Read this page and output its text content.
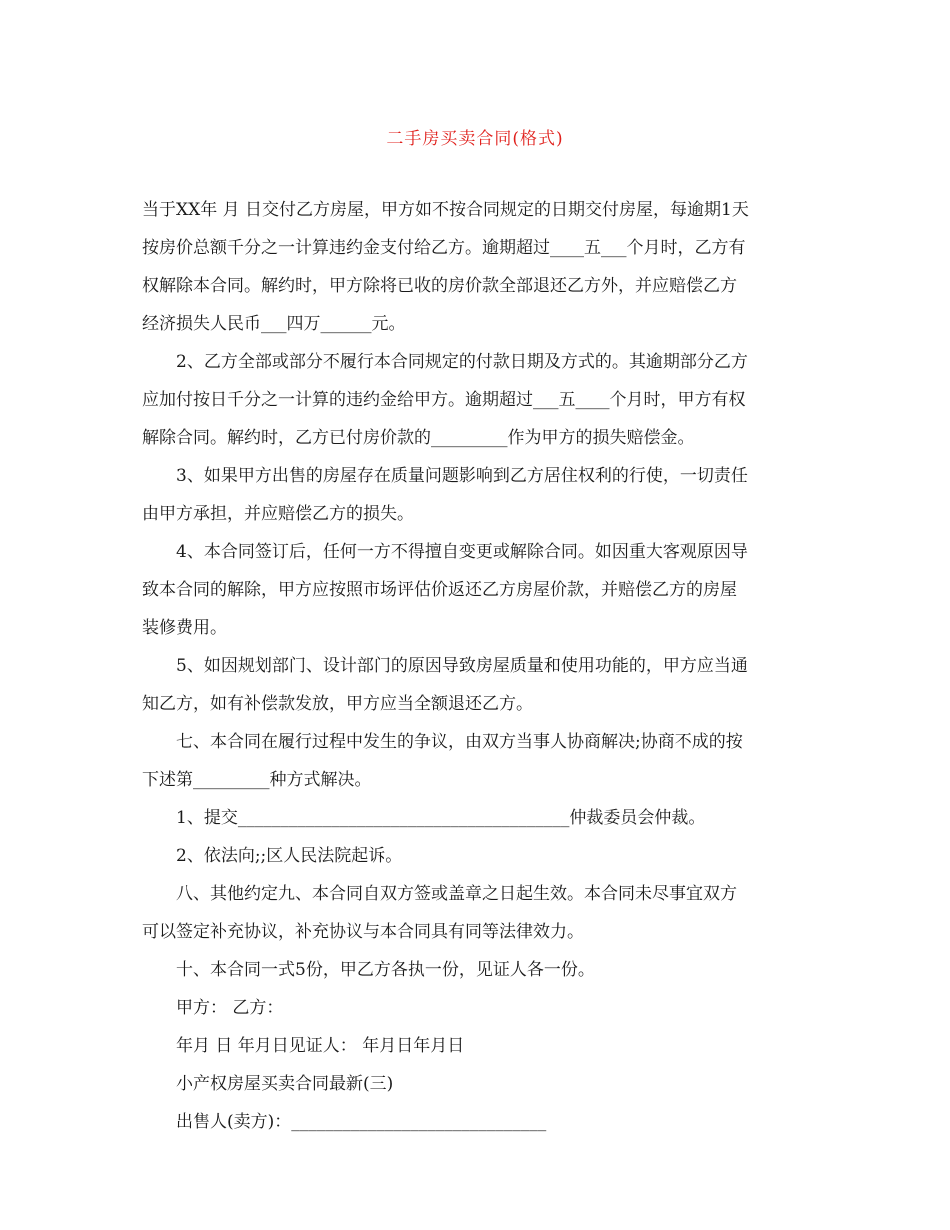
二手房买卖合同(格式)
当于XX年 月 日交付乙方房屋，甲方如不按合同规定的日期交付房屋，每逾期1天
按房价总额千分之一计算违约金支付给乙方。逾期超过____五___个月时，乙方有
权解除本合同。解约时，甲方除将已收的房价款全部退还乙方外，并应赔偿乙方
经济损失人民币___四万______元。
2、乙方全部或部分不履行本合同规定的付款日期及方式的。其逾期部分乙方
应加付按日千分之一计算的违约金给甲方。逾期超过___五____个月时，甲方有权
解除合同。解约时，乙方已付房价款的_________作为甲方的损失赔偿金。
3、如果甲方出售的房屋存在质量问题影响到乙方居住权利的行使，一切责任
由甲方承担，并应赔偿乙方的损失。
4、本合同签订后，任何一方不得擅自变更或解除合同。如因重大客观原因导
致本合同的解除，甲方应按照市场评估价返还乙方房屋价款，并赔偿乙方的房屋
装修费用。
5、如因规划部门、设计部门的原因导致房屋质量和使用功能的，甲方应当通
知乙方，如有补偿款发放，甲方应当全额退还乙方。
七、本合同在履行过程中发生的争议，由双方当事人协商解决;协商不成的按
下述第_________种方式解决。
1、提交_______________________________________仲裁委员会仲裁。
2、依法向;;区人民法院起诉。
八、其他约定九、本合同自双方签或盖章之日起生效。本合同未尽事宜双方
可以签定补充协议，补充协议与本合同具有同等法律效力。
十、本合同一式5份，甲乙方各执一份，见证人各一份。
甲方： 乙方：
年月 日 年月日见证人： 年月日年月日
小产权房屋买卖合同最新(三)
出售人(卖方)：______________________________
